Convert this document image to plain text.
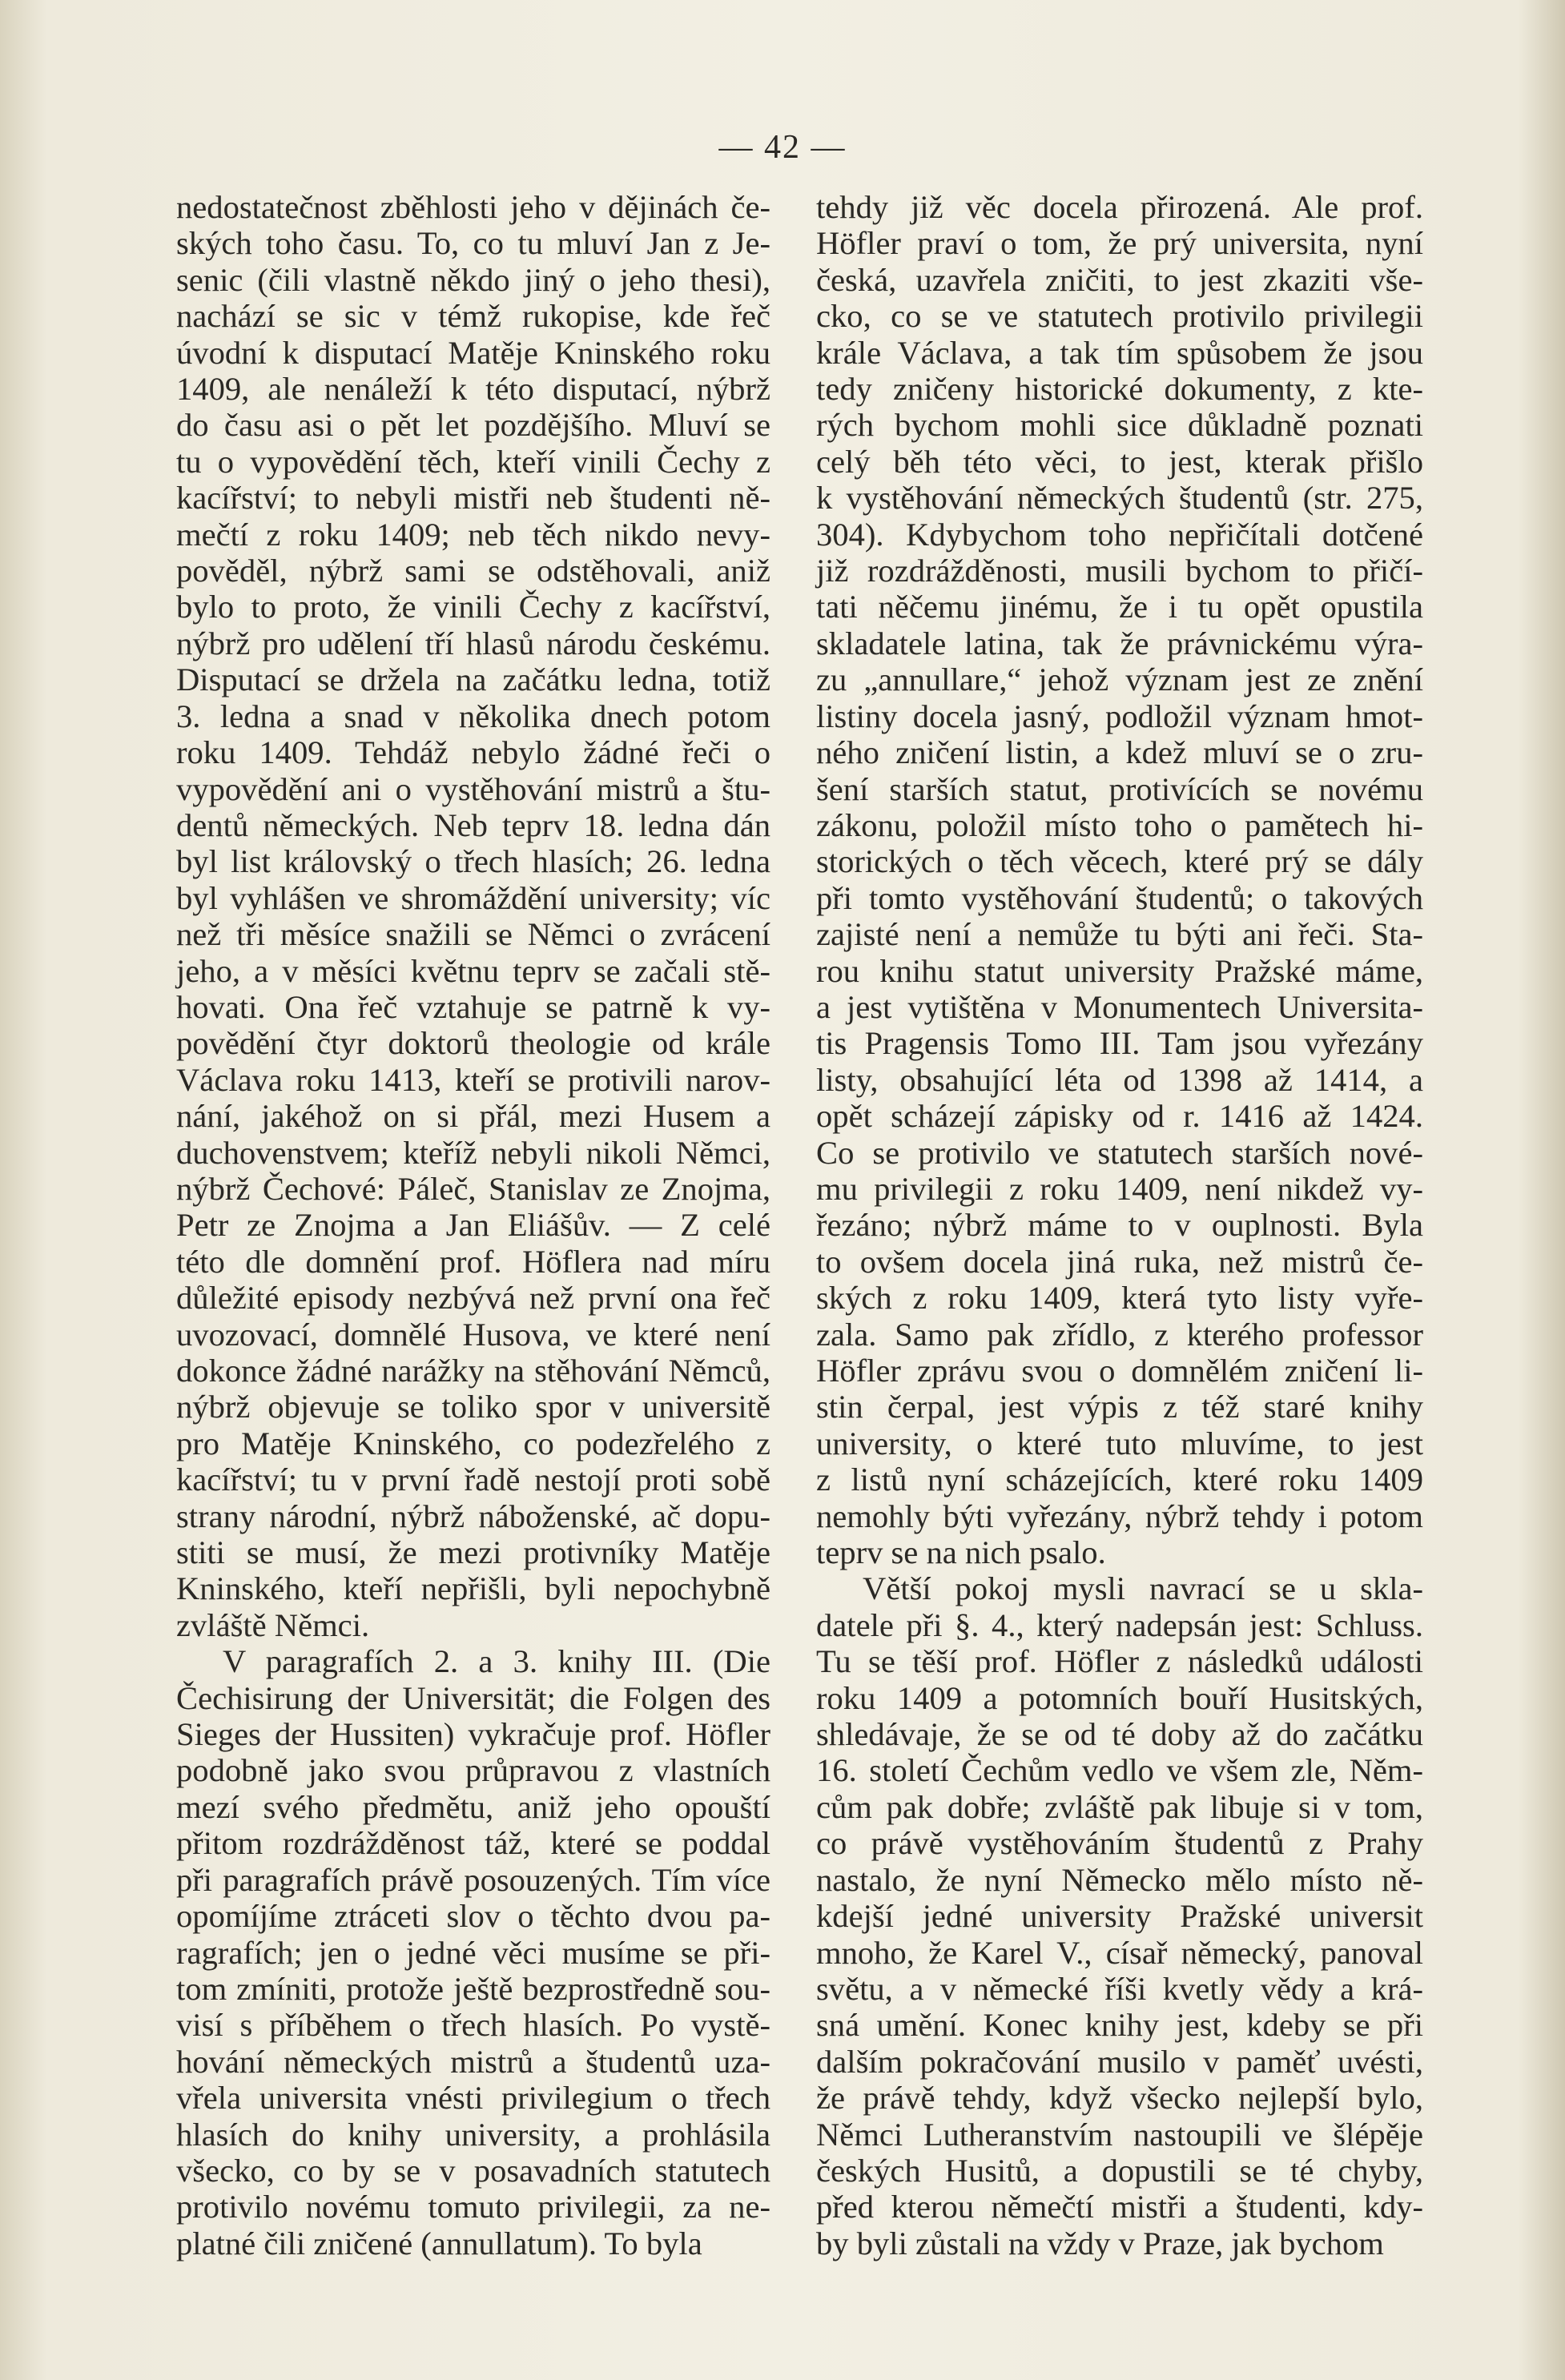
— 42 —
nedostatečnost zběhlosti jeho v dějinách če-
ských toho času. To, co tu mluví Jan z Je-
senic (čili vlastně někdo jiný o jeho thesi),
nachází se sic v témž rukopise, kde řeč
úvodní k disputací Matěje Kninského roku
1409, ale nenáleží k této disputací, nýbrž
do času asi o pět let pozdějšího. Mluví se
tu o vypovědění těch, kteří vinili Čechy z
kacířství; to nebyli mistři neb študenti ně-
mečtí z roku 1409; neb těch nikdo nevy-
pověděl, nýbrž sami se odstěhovali, aniž
bylo to proto, že vinili Čechy z kacířství,
nýbrž pro udělení tří hlasů národu českému.
Disputací se držela na začátku ledna, totiž
3. ledna a snad v několika dnech potom
roku 1409. Tehdáž nebylo žádné řeči o
vypovědění ani o vystěhování mistrů a štu-
dentů německých. Neb teprv 18. ledna dán
byl list královský o třech hlasích; 26. ledna
byl vyhlášen ve shromáždění university; víc
než tři měsíce snažili se Němci o zvrácení
jeho, a v měsíci květnu teprv se začali stě-
hovati. Ona řeč vztahuje se patrně k vy-
povědění čtyr doktorů theologie od krále
Václava roku 1413, kteří se protivili narov-
nání, jakéhož on si přál, mezi Husem a
duchovenstvem; kteříž nebyli nikoli Němci,
nýbrž Čechové: Páleč, Stanislav ze Znojma,
Petr ze Znojma a Jan Eliášův. — Z celé
této dle domnění prof. Höflera nad míru
důležité episody nezbývá než první ona řeč
uvozovací, domnělé Husova, ve které není
dokonce žádné narážky na stěhování Němců,
nýbrž objevuje se toliko spor v universitě
pro Matěje Kninského, co podezřelého z
kacířství; tu v první řadě nestojí proti sobě
strany národní, nýbrž náboženské, ač dopu-
stiti se musí, že mezi protivníky Matěje
Kninského, kteří nepřišli, byli nepochybně
zvláště Němci.
V paragrafích 2. a 3. knihy III. (Die
Čechisirung der Universität; die Folgen des
Sieges der Hussiten) vykračuje prof. Höfler
podobně jako svou průpravou z vlastních
mezí svého předmětu, aniž jeho opouští
přitom rozdrážděnost táž, které se poddal
při paragrafích právě posouzených. Tím více
opomíjíme ztráceti slov o těchto dvou pa-
ragrafích; jen o jedné věci musíme se při-
tom zmíniti, protože ještě bezprostředně sou-
visí s příběhem o třech hlasích. Po vystě-
hování německých mistrů a študentů uza-
vřela universita vnésti privilegium o třech
hlasích do knihy university, a prohlásila
všecko, co by se v posavadních statutech
protivilo novému tomuto privilegii, za ne-
platné čili zničené (annullatum). To byla
tehdy již věc docela přirozená. Ale prof.
Höfler praví o tom, že prý universita, nyní
česká, uzavřela zničiti, to jest zkaziti vše-
cko, co se ve statutech protivilo privilegii
krále Václava, a tak tím spůsobem že jsou
tedy zničeny historické dokumenty, z kte-
rých bychom mohli sice důkladně poznati
celý běh této věci, to jest, kterak přišlo
k vystěhování německých študentů (str. 275,
304). Kdybychom toho nepřičítali dotčené
již rozdrážděnosti, musili bychom to přičí-
tati něčemu jinému, že i tu opět opustila
skladatele latina, tak že právnickému výra-
zu „annullare,“ jehož význam jest ze znění
listiny docela jasný, podložil význam hmot-
ného zničení listin, a kdež mluví se o zru-
šení starších statut, protivících se novému
zákonu, položil místo toho o pamětech hi-
storických o těch věcech, které prý se dály
při tomto vystěhování študentů; o takových
zajisté není a nemůže tu býti ani řeči. Sta-
rou knihu statut university Pražské máme,
a jest vytištěna v Monumentech Universita-
tis Pragensis Tomo III. Tam jsou vyřezány
listy, obsahující léta od 1398 až 1414, a
opět scházejí zápisky od r. 1416 až 1424.
Co se protivilo ve statutech starších nové-
mu privilegii z roku 1409, není nikdež vy-
řezáno; nýbrž máme to v ouplnosti. Byla
to ovšem docela jiná ruka, než mistrů če-
ských z roku 1409, která tyto listy vyře-
zala. Samo pak zřídlo, z kterého professor
Höfler zprávu svou o domnělém zničení li-
stin čerpal, jest výpis z též staré knihy
university, o které tuto mluvíme, to jest
z listů nyní scházejících, které roku 1409
nemohly býti vyřezány, nýbrž tehdy i potom
teprv se na nich psalo.
Větší pokoj mysli navrací se u skla-
datele při §. 4., který nadepsán jest: Schluss.
Tu se těší prof. Höfler z následků události
roku 1409 a potomních bouří Husitských,
shledávaje, že se od té doby až do začátku
16. století Čechům vedlo ve všem zle, Něm-
cům pak dobře; zvláště pak libuje si v tom,
co právě vystěhováním študentů z Prahy
nastalo, že nyní Německo mělo místo ně-
kdejší jedné university Pražské universit
mnoho, že Karel V., císař německý, panoval
světu, a v německé říši kvetly vědy a krá-
sná umění. Konec knihy jest, kdeby se při
dalším pokračování musilo v paměť uvésti,
že právě tehdy, když všecko nejlepší bylo,
Němci Lutheranstvím nastoupili ve šlépěje
českých Husitů, a dopustili se té chyby,
před kterou němečtí mistři a študenti, kdy-
by byli zůstali na vždy v Praze, jak bychom
